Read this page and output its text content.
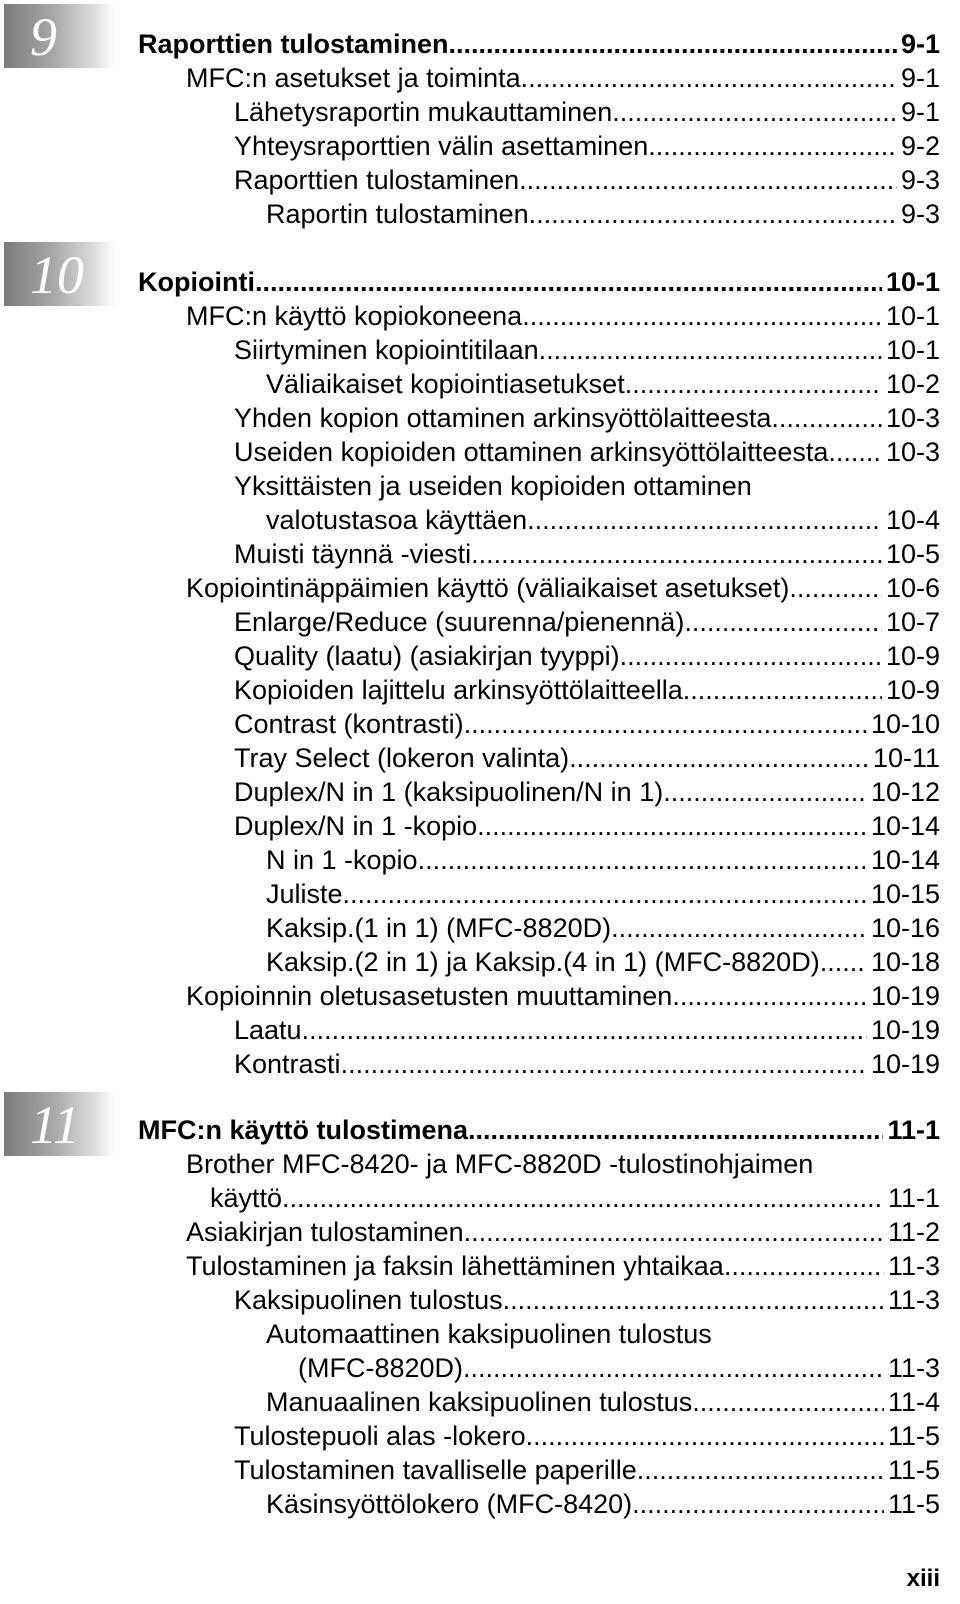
9	Raporttien tulostaminen .....	9-1
MFC:n asetukset ja toiminta .....	9-1
Lähetysraportin mukauttaminen .....	9-1
Yhteysraporttien välin asettaminen .....	9-2
Raporttien tulostaminen .....	9-3
Raportin tulostaminen .....	9-3
10 Kopiointi .....	10-1
MFC:n käyttö kopiokoneena .....	10-1
Siirtyminen kopiointitilaan .....	10-1
Väliaikaiset kopiointiasetukset .....	10-2
Yhden kopion ottaminen arkinsyöttölaitteesta .....	10-3
Useiden kopioiden ottaminen arkinsyöttölaitteesta ..... 10-3
Yksittäisten ja useiden kopioiden ottaminen
valotustasoa käyttäen .....	10-4
Muisti täynnä -viesti .....	10-5
Kopiointinäppäimien käyttö (väliaikaiset asetukset) .....	10-6
Enlarge/Reduce (suurenna/pienennä) .....	10-7
Quality (laatu) (asiakirjan tyyppi) .....	10-9
Kopioiden lajittelu arkinsyöttölaitteella .....	10-9
Contrast (kontrasti) .....	10-10
Tray Select (lokeron valinta) .....	10-11
Duplex/N in 1 (kaksipuolinen/N in 1) .....	10-12
Duplex/N in 1 -kopio .....	10-14
N in 1 -kopio .....	10-14
Juliste .....	10-15
Kaksip.(1 in 1) (MFC-8820D) .....	10-16
Kaksip.(2 in 1) ja Kaksip.(4 in 1) (MFC-8820D) ..... 10-18
Kopioinnin oletusasetusten muuttaminen .....	10-19
Laatu .....	10-19
Kontrasti .....	10-19
11 MFC:n käyttö tulostimena .....	11-1
Brother MFC-8420- ja MFC-8820D -tulostinohjaimen
käyttö .....	11-1
Asiakirjan tulostaminen .....	11-2
Tulostaminen ja faksin lähettäminen yhtaikaa .....	11-3
Kaksipuolinen tulostus .....	11-3
Automaattinen kaksipuolinen tulostus
(MFC-8820D) .....	11-3
Manuaalinen kaksipuolinen tulostus .....	11-4
Tulostepuoli alas -lokero .....	11-5
Tulostaminen tavalliselle paperille .....	11-5
Käsinsyöttölokero (MFC-8420) .....	11-5
xiii
